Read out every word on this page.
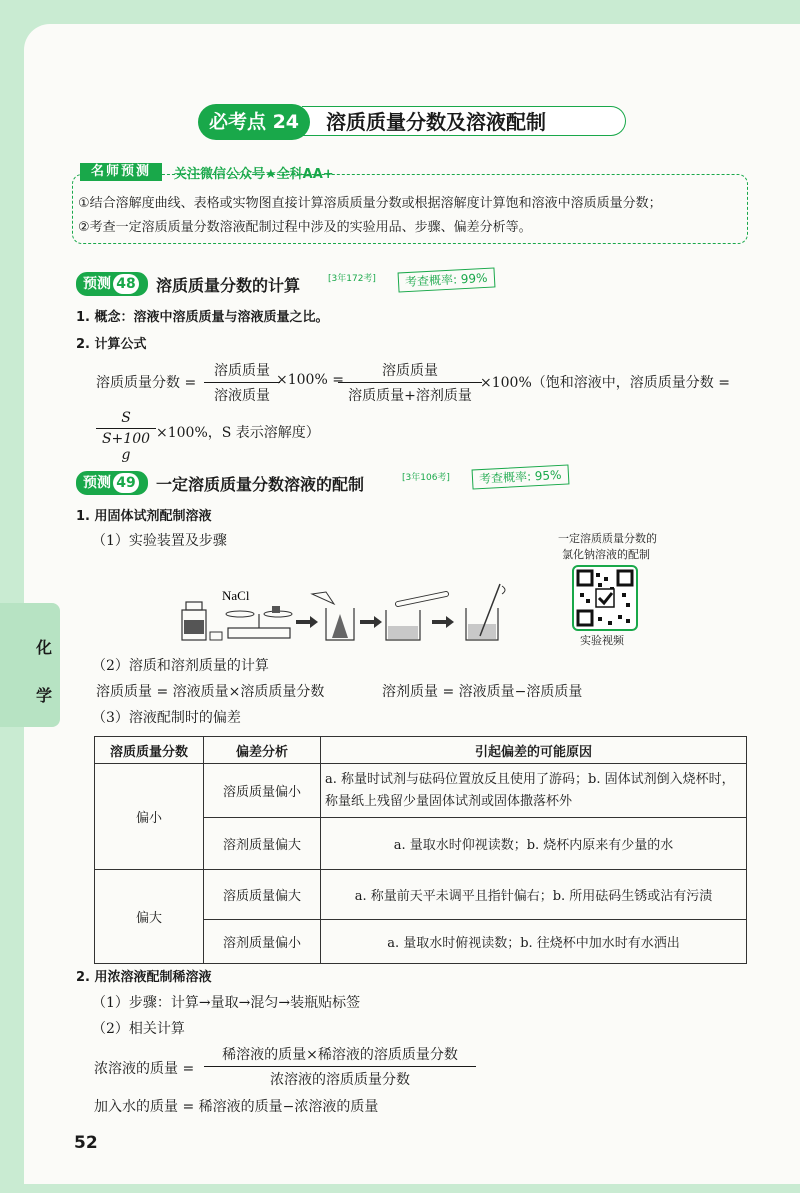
化
学
溶质质量分数及溶液配制
必考点 24
名师预测	关注微信公众号★全科AA+
①结合溶解度曲线、表格或实物图直接计算溶质质量分数或根据溶解度计算饱和溶液中溶质质量分数；
②考查一定溶质质量分数溶液配制过程中涉及的实验用品、步骤、偏差分析等。
预测 48	溶质质量分数的计算	[3年172考]	考查概率: 99%
1. 概念：溶液中溶质质量与溶液质量之比。
2. 计算公式
溶质质量分数 =
溶质质量
溶液质量
×100% =
溶质质量
溶质质量+溶剂质量
×100%（饱和溶液中，溶质质量分数 =
$\frac{S}{S+100 g} \times 100\%$，S 表示溶解度）
预测 49	一定溶质质量分数溶液的配制	[3年106考]	考查概率: 95%
1. 用固体试剂配制溶液
（1）实验装置及步骤
NaCl
一定溶质质量分数的
氯化钠溶液的配制
实验视频
（2）溶质和溶剂质量的计算
溶质质量 = 溶液质量×溶质质量分数	溶剂质量 = 溶液质量−溶质质量
（3）溶液配制时的偏差
溶质质量分数	偏差分析	引起偏差的可能原因
偏小	溶质质量偏小	a. 称量时试剂与砝码位置放反且使用了游码；b. 固体试剂倒入烧杯时，称量纸上残留少量固体试剂或固体撒落杯外
	溶剂质量偏大	a. 量取水时仰视读数；b. 烧杯内原来有少量的水
偏大	溶质质量偏大	a. 称量前天平未调平且指针偏右；b. 所用砝码生锈或沾有污渍
	溶剂质量偏小	a. 量取水时俯视读数；b. 往烧杯中加水时有水洒出
2. 用浓溶液配制稀溶液
（1）步骤：计算→量取→混匀→装瓶贴标签
（2）相关计算
浓溶液的质量 =
稀溶液的质量×稀溶液的溶质质量分数
浓溶液的溶质质量分数
加入水的质量 = 稀溶液的质量−浓溶液的质量
52
